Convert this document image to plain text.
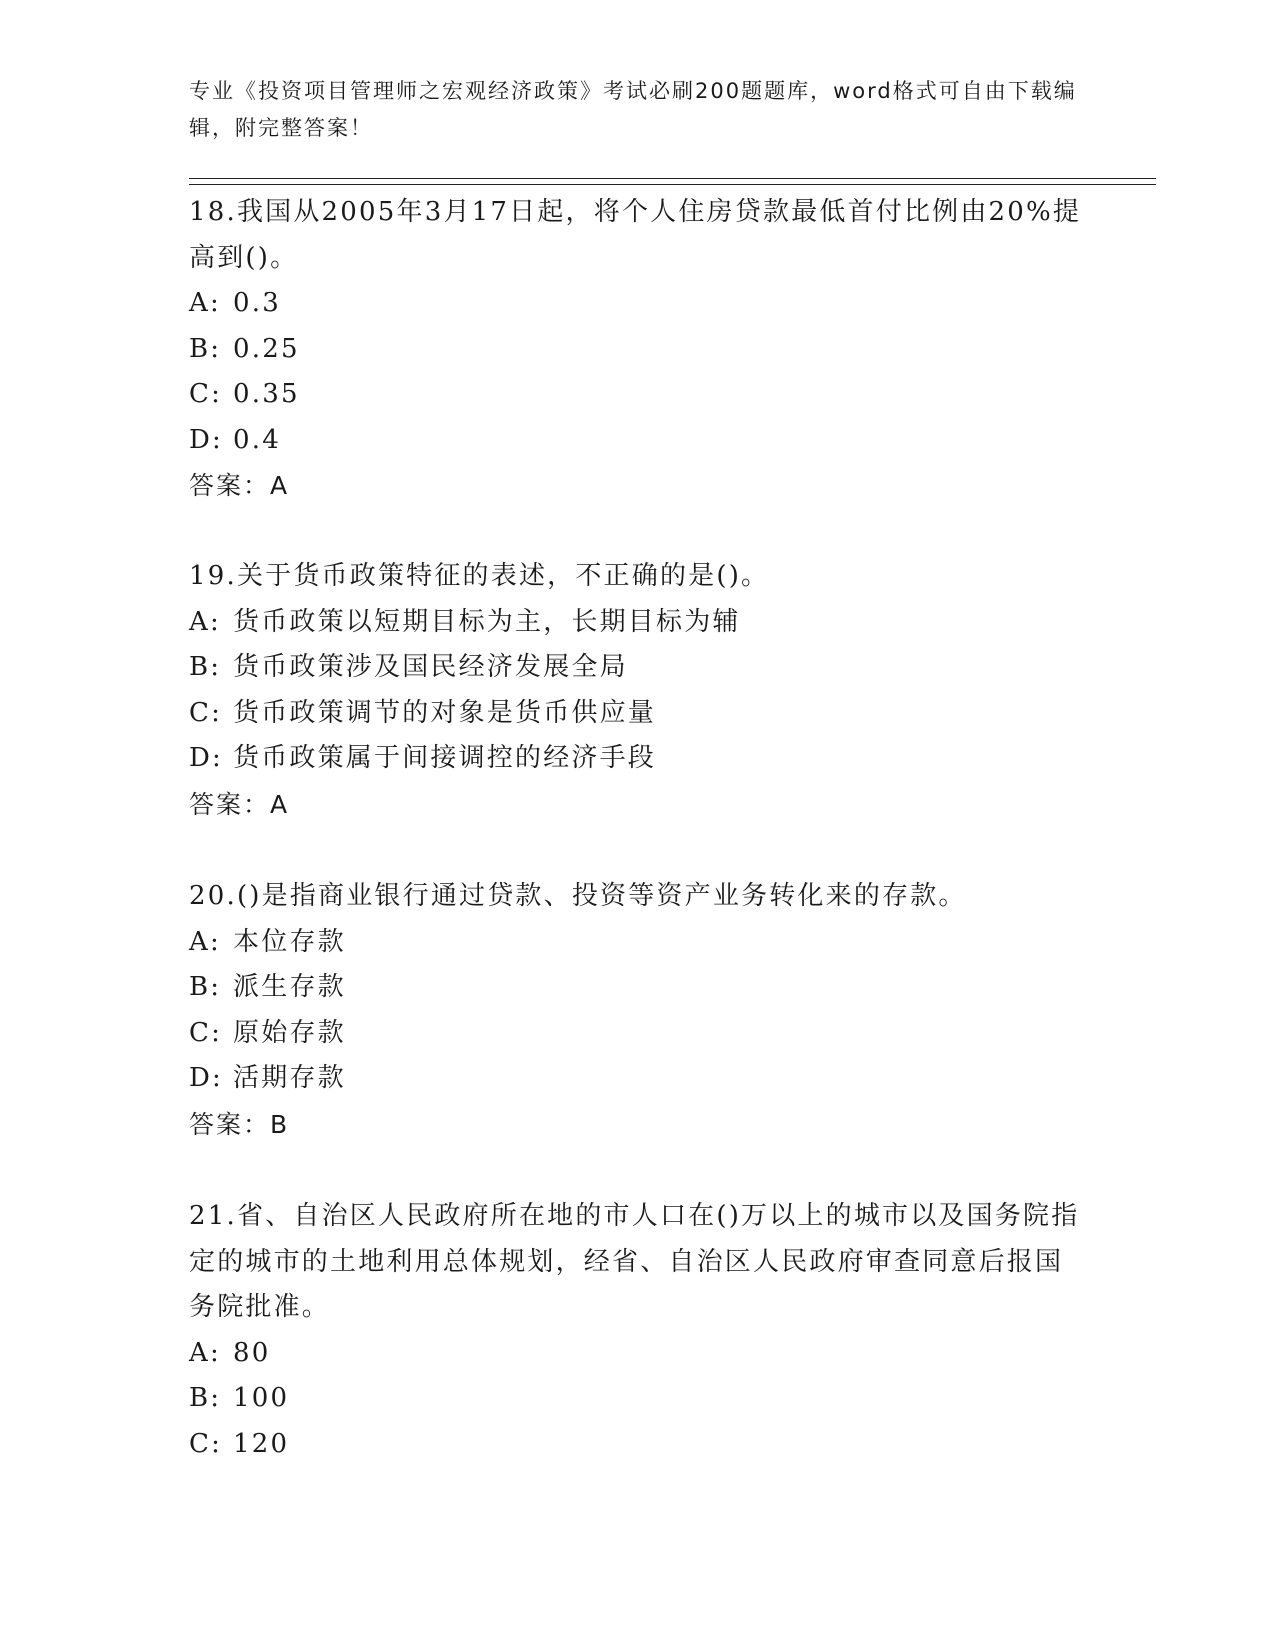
专业《投资项目管理师之宏观经济政策》考试必刷200题题库，word格式可自由下载编辑，附完整答案！
18.我国从2005年3月17日起，将个人住房贷款最低首付比例由20%提高到()。
A: 0.3
B: 0.25
C: 0.35
D: 0.4
答案：A
19.关于货币政策特征的表述，不正确的是()。
A: 货币政策以短期目标为主，长期目标为辅
B: 货币政策涉及国民经济发展全局
C: 货币政策调节的对象是货币供应量
D: 货币政策属于间接调控的经济手段
答案：A
20.()是指商业银行通过贷款、投资等资产业务转化来的存款。
A: 本位存款
B: 派生存款
C: 原始存款
D: 活期存款
答案：B
21.省、自治区人民政府所在地的市人口在()万以上的城市以及国务院指定的城市的土地利用总体规划，经省、自治区人民政府审查同意后报国务院批准。
A: 80
B: 100
C: 120
